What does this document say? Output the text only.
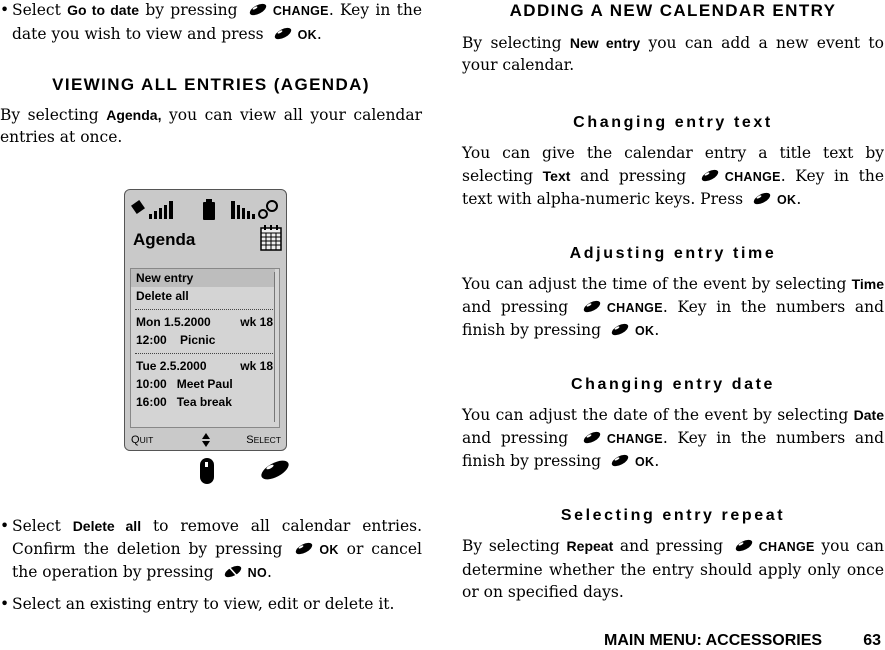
• Select Go to date by pressing
CHANGE. Key in the date you wish to view and press
OK.

VIEWING ALL ENTRIES (AGENDA)

By selecting Agenda, you can view all your calendar entries at once.

Agenda
New entry
Delete all
Mon 1.5.2000 wk 18
12:00 Picnic
Tue 2.5.2000	wk 18
10:00 Meet Paul
16:00 Tea break
QUIT	SELECT

• Select Delete all to remove all calendar entries. Confirm the deletion by pressing
OK or cancel the operation by pressing
NO.

• Select an existing entry to view, edit or delete it.

ADDING A NEW CALENDAR ENTRY

By selecting New entry you can add a new event to your calendar.

Changing entry text

You can give the calendar entry a title text by selecting Text and pressing
CHANGE. Key in the text with alpha-numeric keys. Press
OK.

Adjusting entry time

You can adjust the time of the event by selecting Time and pressing
CHANGE. Key in the numbers and finish by pressing
OK.

Changing entry date

You can adjust the date of the event by selecting Date and pressing
CHANGE. Key in the numbers and finish by pressing
OK.

Selecting entry repeat

By selecting Repeat and pressing
CHANGE you can determine whether the entry should apply only once or on specified days.

MAIN MENU: ACCESSORIES	63
